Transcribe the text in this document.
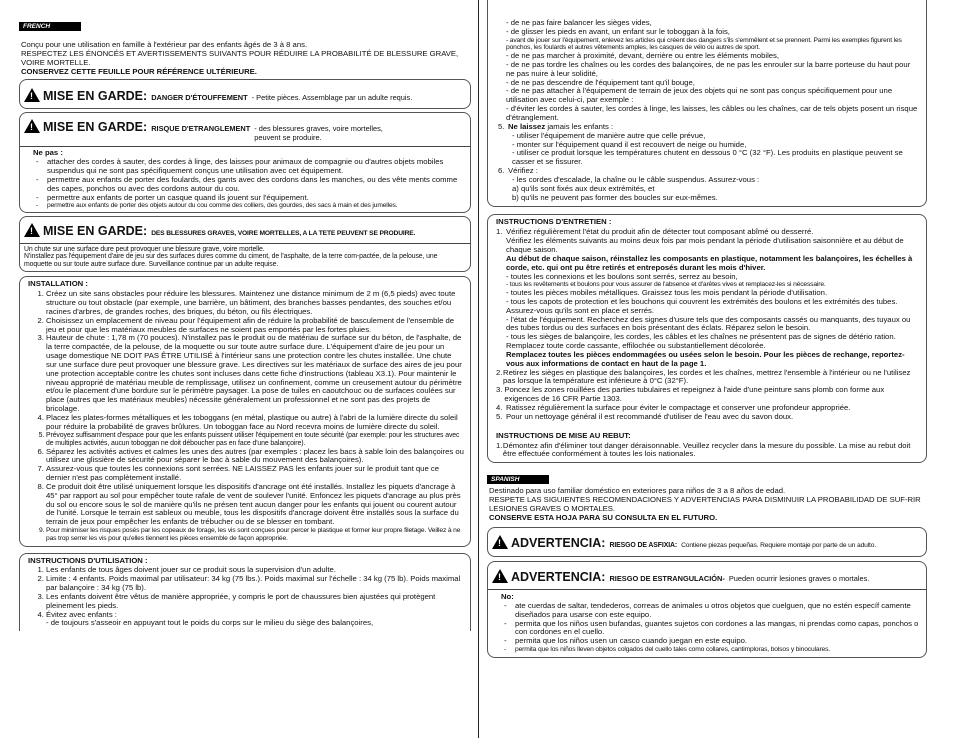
FRENCH

Conçu pour une utilisation en famille à l'extérieur par des enfants âgés de 3 à 8 ans.

RESPECTEZ LES ÉNONCÉS ET AVERTISSEMENTS SUIVANTS POUR RÉDUIRE LA PROBABILITÉ DE BLESSURE GRAVE, VOIRE MORTELLE.

CONSERVEZ CETTE FEUILLE POUR RÉFÉRENCE ULTÉRIEURE.

!
MISE EN GARDE: DANGER D'ÉTOUFFEMENT - Petite pièces. Assemblage par un adulte requis.
!
MISE EN GARDE: RISQUE D'ETRANGLEMENT - des blessures graves, voire mortelles, peuvent se produire.
Ne pas :
- attacher des cordes à sauter, des cordes à linge, des laisses pour animaux de compagnie ou d'autres objets mobiles suspendus qui ne sont pas spécifiquement conçus une utilisation avec cet équipement.
- permettre aux enfants de porter des foulards, des gants avec des cordons dans les manches, ou des vête ments comme des capes, ponchos ou avec des cordons autour du cou.
- permettre aux enfants de porter un casque quand ils jouent sur l'équipement.
- permettre aux enfants de porter des objets autour du cou comme des colliers, des gourdes, des sacs à main et des jumelles.
!
MISE EN GARDE: DES BLESSURES GRAVES, VOIRE MORTELLES, A LA TETE PEUVENT SE PRODUIRE.

Un chute sur une surface dure peut provoquer une blessure grave, voire mortelle.

N'installez pas l'équipement d'aire de jeu sur des surfaces dures comme du ciment, de l'asphalte, de la terre com-pactée, de la pelouse, une moquette ou sur toute autre surface dure. Surveillance continue par un adulte requise.

INSTALLATION :
1. Créez un site sans obstacles pour réduire les blessures. Maintenez une distance minimum de 2 m (6,5 pieds) avec toute structure ou tout obstacle (par exemple, une barrière, un bâtiment, des branches basses pendantes, des souches et/ou racines d'arbres, de grandes roches, des briques, du béton, ou fils électriques.
2. Choisissez un emplacement de niveau pour l'équipement afin de réduire la probabilité de basculement de l'ensemble de jeu et pour que les matériaux meubles de surfaces ne soient pas emportés par les fortes pluies.
3. Hauteur de chute : 1,78 m (70 pouces). N'installez pas le produit ou de matériau de surface sur du béton, de l'asphalte, de la terre compactée, de la pelouse, de la moquette ou sur toute autre surface dure. L'équipement d'aire de jeu pour un usage domestique NE DOIT PAS ÊTRE UTILISÉ à l'intérieur sans une protection contre les chutes installée. Une chute sur une surface dure peut provoquer une blessure grave. Les directives sur les matériaux de surface des aires de jeu pour une protection acceptable contre les chutes sont incluses dans cette fiche d'instructions (tableau X3.1). Pour maintenir le niveau approprié de matériau meuble de remplissage, utilisez un confinement, comme un creusement autour du périmètre et/ou le placement d'une bordure sur le périmètre paysager. La pose de tuiles en caoutchouc ou de surfaces coulées sur place (autres que les matériaux meubles) nécessite généralement un professionnel et ne sont pas des projets de bricolage.
4. Placez les plates-formes métalliques et les toboggans (en métal, plastique ou autre) à l'abri de la lumière directe du soleil pour réduire la probabilité de graves brûlures. Un toboggan face au Nord recevra moins de lumière directe du soleil.
5. Prévoyez suffisamment d'espace pour que les enfants puissent utiliser l'équipement en toute sécurité (par exemple: pour les structures avec de multiples activités, aucun toboggan ne doit déboucher pas en face d'une balançoire).
6. Séparez les activités actives et calmes les unes des autres (par exemples : placez les bacs à sable loin des balançoires ou utilisez une glissière de sécurité pour séparer le bac à sable du mouvement des balançoires).
7. Assurez-vous que toutes les connexions sont serrées. NE LAISSEZ PAS les enfants jouer sur le produit tant que ce dernier n'est pas complètement installé.
8. Ce produit doit être utilisé uniquement lorsque les dispositifs d'ancrage ont été installés. Installez les piquets d'ancrage à 45° par rapport au sol pour empêcher toute rafale de vent de soulever l'unité. Enfoncez les piquets d'ancrage au plus près du sol ou encore sous le sol de manière qu'ils ne présen tent aucun danger pour les enfants qui jouent ou courent autour de l'unité. Lorsque le terrain est sableux ou meuble, tous les dispositifs d'ancrage doivent être installés sous la surface du terrain de jeux pour empêcher les enfants de trébucher ou de se blesser en tombant.
9. Pour minimiser les risques posés par les copeaux de forage, les vis sont conçues pour percer le plastique et former leur propre filetage. Veillez à ne pas trop serrer les vis pour qu'elles tiennent les pièces ensemble de façon appropriée.
INSTRUCTIONS D'UTILISATION :
1. Les enfants de tous âges doivent jouer sur ce produit sous la supervision d'un adulte.
2. Limite : 4 enfants. Poids maximal par utilisateur: 34 kg (75 lbs.). Poids maximal sur l'échelle : 34 kg (75 lb). Poids maximal par balançoire : 34 kg (75 lb).
3. Les enfants doivent être vêtus de manière appropriée, y compris le port de chaussures bien ajustées qui protègent pleinement les pieds.
4. Évitez avec enfants :
- de toujours s'asseoir en appuyant tout le poids du corps sur le milieu du siège des balançoires,
- de ne pas faire balancer les sièges vides,
- de glisser les pieds en avant, un enfant sur le toboggan à la fois,
- avant de jouer sur l'équipement, enlevez les articles qui créent des dangers s'ils s'emmêlent et se prennent. Parmi les exemples figurent les ponchos, les foulards et autres vêtements amples, les casques de vélo ou autres de sport.
- de ne pas marcher à proximité, devant, derrière ou entre les éléments mobiles,
- de ne pas tordre les chaînes ou les cordes des balançoires, de ne pas les enrouler sur la barre porteuse du haut pour ne pas nuire à leur solidité,
- de ne pas descendre de l'équipement tant qu'il bouge,
- de ne pas attacher à l'équipement de terrain de jeux des objets qui ne sont pas conçus spécifiquement pour une utilisation avec celui-ci, par exemple :
- d'éviter les cordes à sauter, les cordes à linge, les laisses, les câbles ou les chaînes, car de tels objets posent un risque d'étranglement.
5. Ne laissez jamais les enfants :
- utiliser l'équipement de manière autre que celle prévue,
- monter sur l'équipement quand il est recouvert de neige ou humide,
- utiliser ce produit lorsque les températures chutent en dessous 0 °C (32 °F). Les produits en plastique peuvent se casser et se fissurer.
6. Vérifiez :
- les cordes d'escalade, la chaîne ou le câble suspendus. Assurez-vous :
a) qu'ils sont fixés aux deux extrémités, et
b) qu'ils ne peuvent pas former des boucles sur eux-mêmes.
INSTRUCTIONS D'ENTRETIEN :
1. Vérifiez régulièrement l'état du produit afin de détecter tout composant abîmé ou desserré.
Vérifiez les éléments suivants au moins deux fois par mois pendant la période d'utilisation saisonnière et au début de chaque saison.
Au début de chaque saison, réinstallez les composants en plastique, notamment les balançoires, les échelles à corde, etc. qui ont pu être retirés et entreposés durant les mois d'hiver.
- toutes les connexions et les boulons sont serrés, serrez au besoin,
- tous les revêtements et boulons pour vous assurer de l'absence et d'arêtes vives et remplacez-les si nécessaire.
- toutes les pièces mobiles métalliques. Graissez tous les mois pendant la période d'utilisation.
- tous les capots de protection et les bouchons qui couvrent les extrémités des boulons et les extrémités des tubes. Assurez-vous qu'ils sont en place et serrés.
- l'état de l'équipement. Recherchez des signes d'usure tels que des composants cassés ou manquants, des tuyaux ou des tubes tordus ou des surfaces en bois présentant des éclats. Réparez selon le besoin.
- tous les sièges de balançoire, les cordes, les câbles et les chaînes ne présentent pas de signes de détério ration. Remplacez toute corde cassante, effilochée ou substantiellement décolorée.
Remplacez toutes les pièces endommagées ou usées selon le besoin. Pour les pièces de rechange, reportez-vous aux informations de contact en haut de la page 1.
2. Retirez les sièges en plastique des balançoires, les cordes et les chaînes, mettrez l'ensemble à l'intérieur ou ne l'utilisez pas lorsque la température est inférieure à 0°C (32°F).
3. Poncez les zones rouillées des parties tubulaires et repeignez à l'aide d'une peinture sans plomb con forme aux exigences de 16 CFR Partie 1303.
4. Ratissez régulièrement la surface pour éviter le compactage et conserver une profondeur appropriée.
5. Pour un nettoyage général il est recommandé d'utiliser de l'eau avec du savon doux.
INSTRUCTIONS DE MISE AU REBUT:
1. Démontez afin d'éliminer tout danger déraisonnable. Veuillez recycler dans la mesure du possible. La mise au rebut doit être effectuée conformément à toutes les lois nationales.
SPANISH

Destinado para uso familiar doméstico en exteriores para niños de 3 a 8 años de edad.

RESPETE LAS SIGUIENTES RECOMENDACIONES Y ADVERTENCIAS PARA DISMINUIR LA PROBABILIDAD DE SUF-RIR LESIONES GRAVES O MORTALES.

CONSERVE ESTA HOJA PARA SU CONSULTA EN EL FUTURO.

!
ADVERTENCIA: RIESGO DE ASFIXIA: Contiene piezas pequeñas. Requiere montaje por parte de un adulto.
!
ADVERTENCIA: RIESGO DE ESTRANGULACIÓN- Pueden ocurrir lesiones graves o mortales.
No:
- ate cuerdas de saltar, tendederos, correas de animales u otros objetos que cuelguen, que no estén específ camente diseñados para usarse con este equipo.
- permita que los niños usen bufandas, guantes sujetos con cordones a las mangas, ni prendas como capas, ponchos o con cordones en el cuello.
- permita que los niños usen un casco cuando juegan en este equipo.
- permita que los niños lleven objetos colgados del cuello tales como collares, cantimploras, bolsos y binoculares.
